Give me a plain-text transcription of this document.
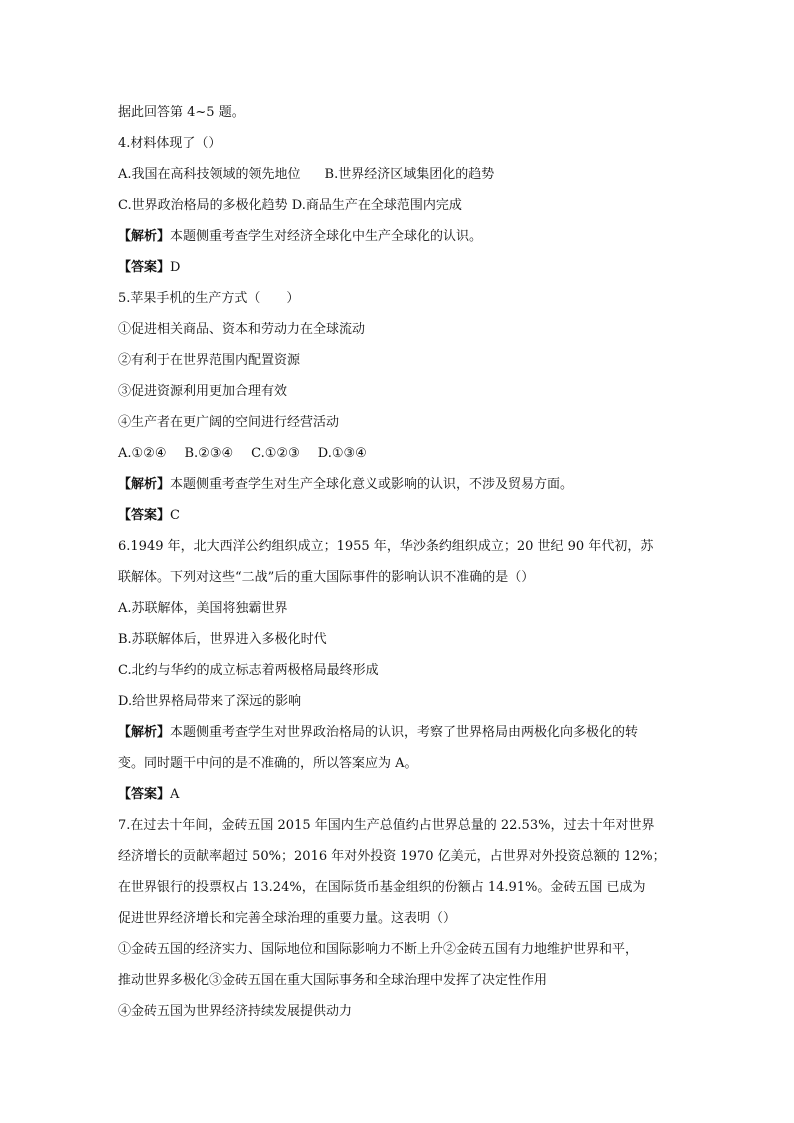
据此回答第 4~5 题。
4.材料体现了（）
A.我国在高科技领域的领先地位 B.世界经济区域集团化的趋势
C.世界政治格局的多极化趋势 D.商品生产在全球范围内完成
【解析】本题侧重考查学生对经济全球化中生产全球化的认识。
【答案】D
5.苹果手机的生产方式（　　）
①促进相关商品、资本和劳动力在全球流动
②有利于在世界范围内配置资源
③促进资源利用更加合理有效
④生产者在更广阔的空间进行经营活动
A.①②④ B.②③④ C.①②③ D.①③④
【解析】本题侧重考查学生对生产全球化意义或影响的认识，不涉及贸易方面。
【答案】C
6.1949 年，北大西洋公约组织成立；1955 年，华沙条约组织成立；20 世纪 90 年代初，苏
联解体。下列对这些“二战”后的重大国际事件的影响认识不准确的是（）
A.苏联解体，美国将独霸世界
B.苏联解体后，世界进入多极化时代
C.北约与华约的成立标志着两极格局最终形成
D.给世界格局带来了深远的影响
【解析】本题侧重考查学生对世界政治格局的认识，考察了世界格局由两极化向多极化的转
变。同时题干中问的是不准确的，所以答案应为 A。
【答案】A
7.在过去十年间，金砖五国 2015 年国内生产总值约占世界总量的 22.53%，过去十年对世界
经济增长的贡献率超过 50%；2016 年对外投资 1970 亿美元，占世界对外投资总额的 12%；
在世界银行的投票权占 13.24%，在国际货币基金组织的份额占 14.91%。金砖五国 已成为
促进世界经济增长和完善全球治理的重要力量。这表明（）
①金砖五国的经济实力、国际地位和国际影响力不断上升②金砖五国有力地维护世界和平，
推动世界多极化③金砖五国在重大国际事务和全球治理中发挥了决定性作用
④金砖五国为世界经济持续发展提供动力
